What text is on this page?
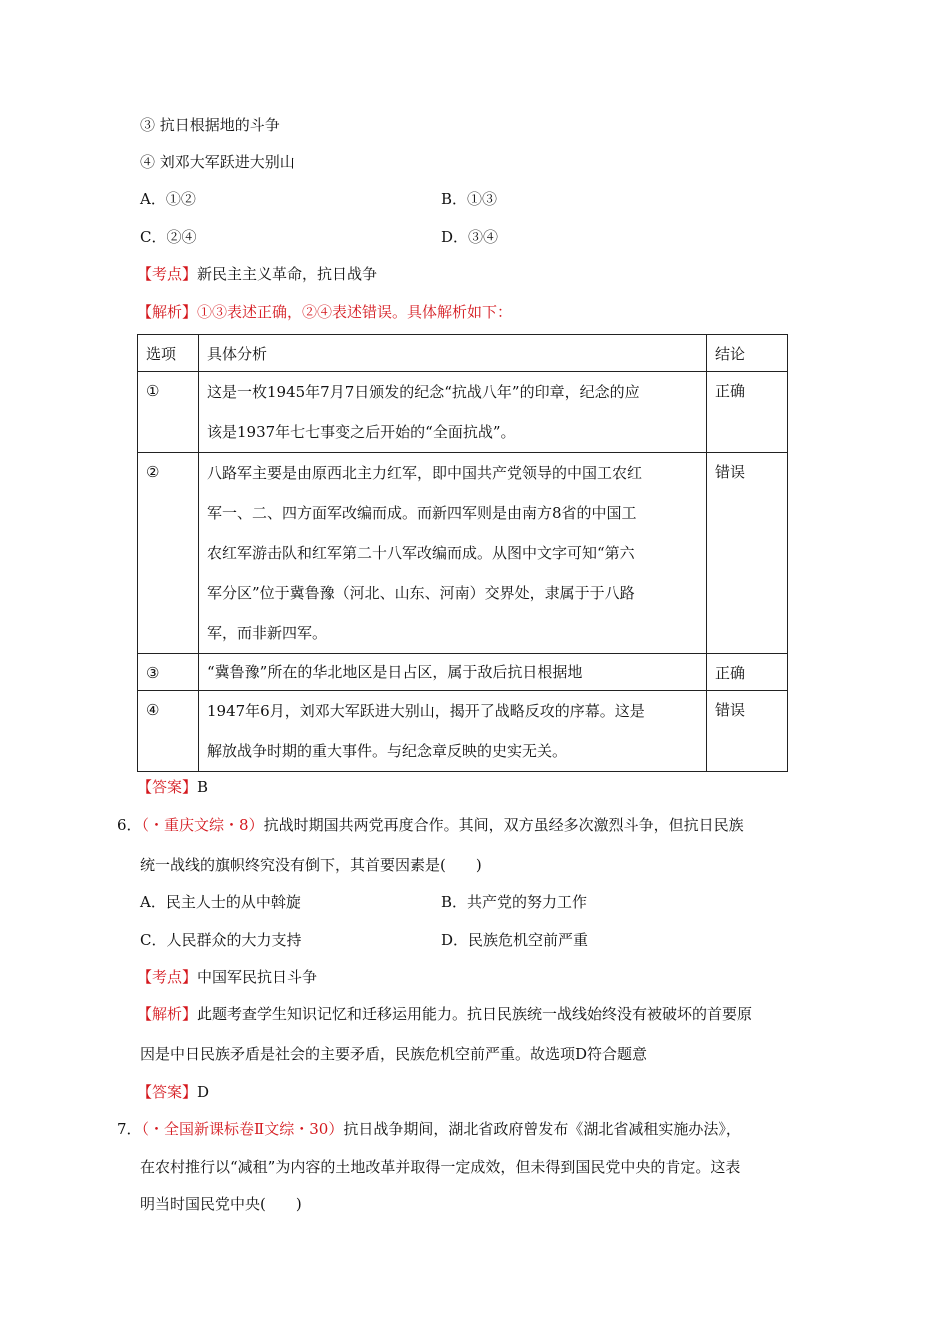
③ 抗日根据地的斗争
④ 刘邓大军跃进大别山
A．①②	B．①③
C．②④	D．③④
【考点】新民主主义革命，抗日战争
【解析】①③表述正确，②④表述错误。具体解析如下：
选项	具体分析	结论
①	这是一枚1945年7月7日颁发的纪念“抗战八年”的印章，纪念的应
该是1937年七七事变之后开始的“全面抗战”。	正确
②	八路军主要是由原西北主力红军，即中国共产党领导的中国工农红
军一、二、四方面军改编而成。而新四军则是由南方8省的中国工
农红军游击队和红军第二十八军改编而成。从图中文字可知“第六
军分区”位于冀鲁豫（河北、山东、河南）交界处，隶属于于八路
军，而非新四军。	错误
③	“冀鲁豫”所在的华北地区是日占区，属于敌后抗日根据地	正确
④	1947年6月，刘邓大军跃进大别山，揭开了战略反攻的序幕。这是
解放战争时期的重大事件。与纪念章反映的史实无关。	错误
【答案】B
6．（・重庆文综・8）抗战时期国共两党再度合作。其间，双方虽经多次激烈斗争，但抗日民族
统一战线的旗帜终究没有倒下，其首要因素是(　　)
A．民主人士的从中斡旋	B．共产党的努力工作
C．人民群众的大力支持	D．民族危机空前严重
【考点】中国军民抗日斗争
【解析】此题考查学生知识记忆和迁移运用能力。抗日民族统一战线始终没有被破坏的首要原
因是中日民族矛盾是社会的主要矛盾，民族危机空前严重。故选项D符合题意
【答案】D
7．（・全国新课标卷Ⅱ文综・30）抗日战争期间，湖北省政府曾发布《湖北省减租实施办法》，
在农村推行以“减租”为内容的土地改革并取得一定成效，但未得到国民党中央的肯定。这表
明当时国民党中央(　　)
